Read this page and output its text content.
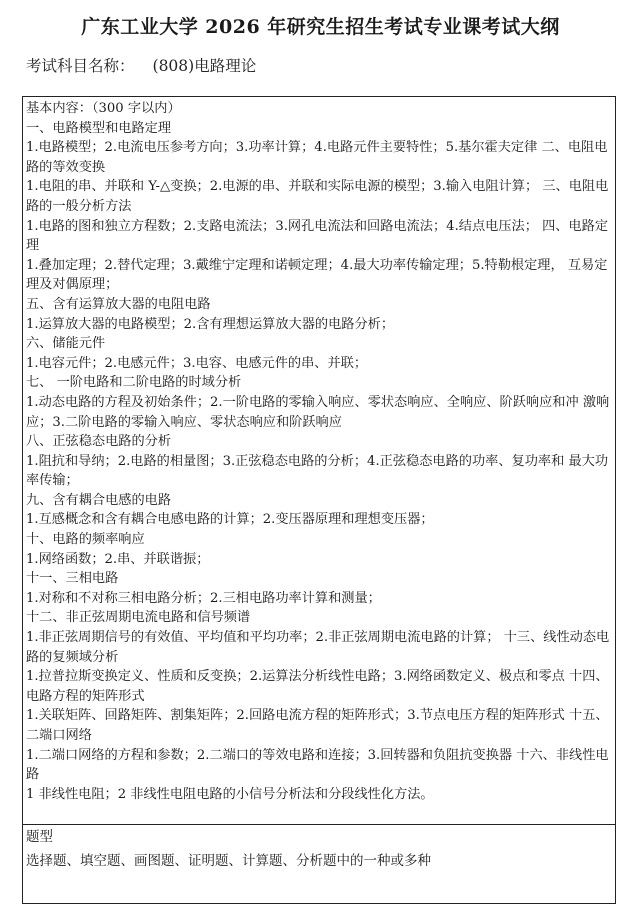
广东工业大学 2026 年研究生招生考试专业课考试大纲
考试科目名称： (808)电路理论

基本内容：（300 字以内）

一、电路模型和电路定理

1.电路模型；2.电流电压参考方向；3.功率计算；4.电路元件主要特性；5.基尔霍夫定律 二、电阻电路的等效变换

1.电阻的串、并联和 Y-△变换；2.电源的串、并联和实际电源的模型；3.输入电阻计算； 三、电阻电路的一般分析方法

1.电路的图和独立方程数；2.支路电流法；3.网孔电流法和回路电流法；4.结点电压法； 四、电路定理

1.叠加定理；2.替代定理；3.戴维宁定理和诺顿定理；4.最大功率传输定理；5.特勒根定理， 互易定理及对偶原理；

五、含有运算放大器的电阻电路

1.运算放大器的电路模型；2.含有理想运算放大器的电路分析；

六、储能元件

1.电容元件；2.电感元件；3.电容、电感元件的串、并联；

七、 一阶电路和二阶电路的时域分析

1.动态电路的方程及初始条件；2.一阶电路的零输入响应、零状态响应、全响应、阶跃响应和冲 激响应；3.二阶电路的零输入响应、零状态响应和阶跃响应

八、正弦稳态电路的分析

1.阻抗和导纳；2.电路的相量图；3.正弦稳态电路的分析；4.正弦稳态电路的功率、复功率和 最大功率传输；

九、含有耦合电感的电路

1.互感概念和含有耦合电感电路的计算；2.变压器原理和理想变压器；

十、电路的频率响应

1.网络函数；2.串、并联谐振；

十一、三相电路

1.对称和不对称三相电路分析；2.三相电路功率计算和测量；

十二、非正弦周期电流电路和信号频谱

1.非正弦周期信号的有效值、平均值和平均功率；2.非正弦周期电流电路的计算； 十三、线性动态电路的复频域分析

1.拉普拉斯变换定义、性质和反变换；2.运算法分析线性电路；3.网络函数定义、极点和零点 十四、电路方程的矩阵形式

1.关联矩阵、回路矩阵、割集矩阵；2.回路电流方程的矩阵形式；3.节点电压方程的矩阵形式 十五、二端口网络

1.二端口网络的方程和参数；2.二端口的等效电路和连接；3.回转器和负阻抗变换器 十六、非线性电路

1 非线性电阻；2 非线性电阻电路的小信号分析法和分段线性化方法。

题型
选择题、填空题、画图题、证明题、计算题、分析题中的一种或多种
